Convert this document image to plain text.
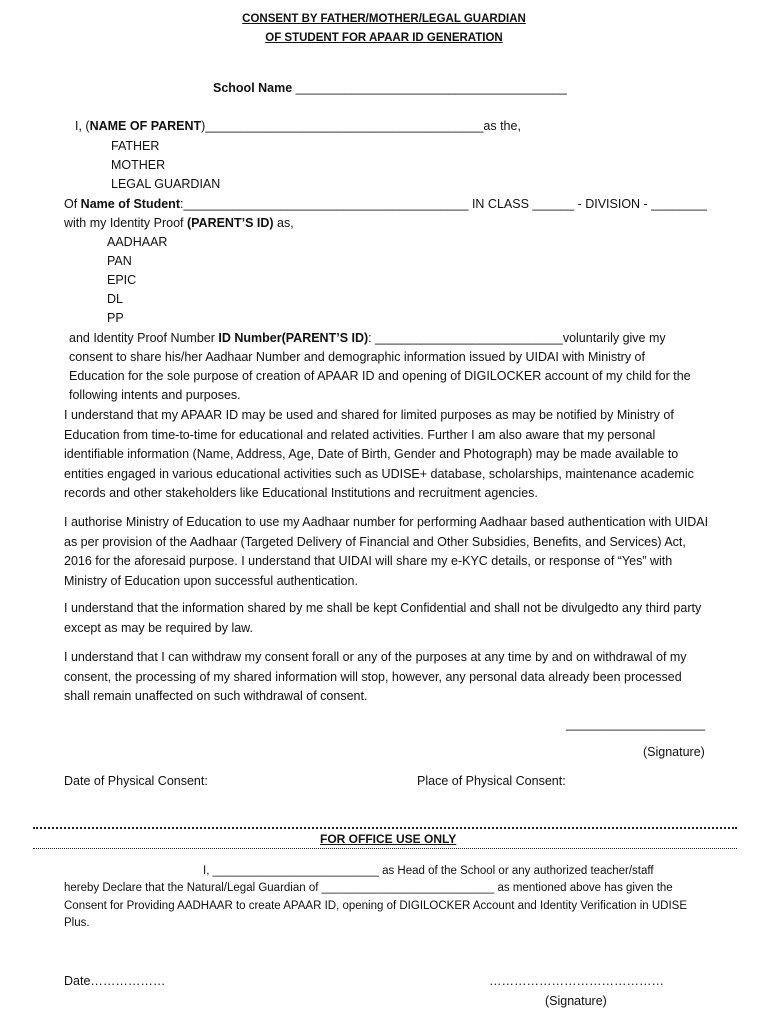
CONSENT BY FATHER/MOTHER/LEGAL GUARDIAN
OF STUDENT FOR APAAR ID GENERATION
School Name _______________________________________
I, (NAME OF PARENT)________________________________________as the,
FATHER
MOTHER
LEGAL GUARDIAN
Of Name of Student:_________________________________________ IN CLASS ______ - DIVISION - ________
with my Identity Proof (PARENT’S ID) as,
AADHAAR
PAN
EPIC
DL
PP
and Identity Proof Number ID Number(PARENT’S ID): ___________________________voluntarily give my
consent to share his/her Aadhaar Number and demographic information issued by UIDAI with Ministry of
Education for the sole purpose of creation of APAAR ID and opening of DIGILOCKER account of my child for the
following intents and purposes.
I understand that my APAAR ID may be used and shared for limited purposes as may be notified by Ministry of Education from time-to-time for educational and related activities. Further I am also aware that my personal identifiable information (Name, Address, Age, Date of Birth, Gender and Photograph) may be made available to entities engaged in various educational activities such as UDISE+ database, scholarships, maintenance academic records and other stakeholders like Educational Institutions and recruitment agencies.
I authorise Ministry of Education to use my Aadhaar number for performing Aadhaar based authentication with UIDAI as per provision of the Aadhaar (Targeted Delivery of Financial and Other Subsidies, Benefits, and Services) Act, 2016 for the aforesaid purpose. I understand that UIDAI will share my e-KYC details, or response of “Yes” with Ministry of Education upon successful authentication.
I understand that the information shared by me shall be kept Confidential and shall not be divulgedto any third party except as may be required by law.
I understand that I can withdraw my consent forall or any of the purposes at any time by and on withdrawal of my consent, the processing of my shared information will stop, however, any personal data already been processed shall remain unaffected on such withdrawal of consent.
____________________
(Signature)
Date of Physical Consent:	Place of Physical Consent:
FOR OFFICE USE ONLY
I, __________________________ as Head of the School or any authorized teacher/staff
hereby Declare that the Natural/Legal Guardian of ___________________________ as mentioned above has given the
Consent for Providing AADHAAR to create APAAR ID, opening of DIGILOCKER Account and Identity Verification in UDISE
Plus.
Date………………	……………………………………
(Signature)
